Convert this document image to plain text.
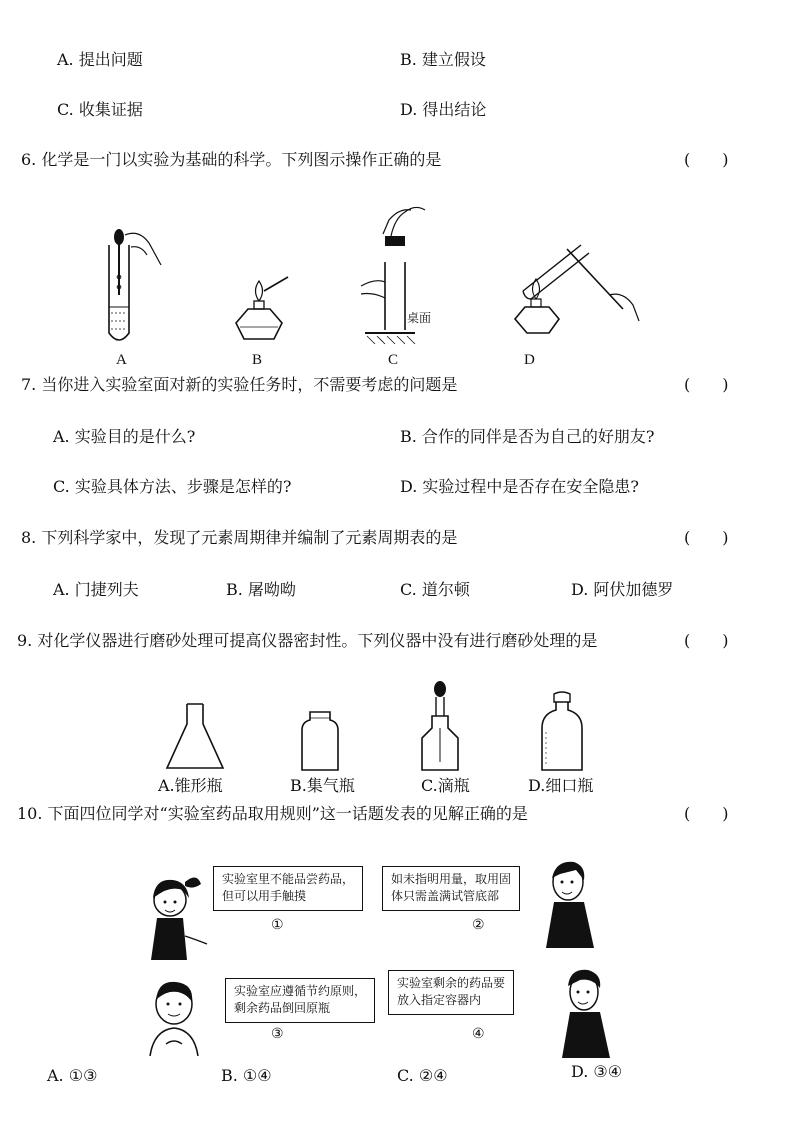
A. 提出问题	B. 建立假设
C. 收集证据	D. 得出结论
6. 化学是一门以实验为基础的科学。下列图示操作正确的是	(　　)
A	B
桌面
C	D
7. 当你进入实验室面对新的实验任务时，不需要考虑的问题是	(　　)
A. 实验目的是什么?	B. 合作的同伴是否为自己的好朋友?
C. 实验具体方法、步骤是怎样的?	D. 实验过程中是否存在安全隐患?
8. 下列科学家中，发现了元素周期律并编制了元素周期表的是	(　　)
A. 门捷列夫	B. 屠呦呦	C. 道尔顿	D. 阿伏加德罗
9. 对化学仪器进行磨砂处理可提高仪器密封性。下列仪器中没有进行磨砂处理的是	(　　)
A.锥形瓶	B.集气瓶	C.滴瓶	D.细口瓶
10. 下面四位同学对“实验室药品取用规则”这一话题发表的见解正确的是	(　　)
实验室里不能品尝药品，
但可以用手触摸
如未指明用量，取用固
体只需盖满试管底部
实验室应遵循节约原则，
剩余药品倒回原瓶
实验室剩余的药品要
放入指定容器内
①	②
③	④
A. ①③	B. ①④	C. ②④	D. ③④
